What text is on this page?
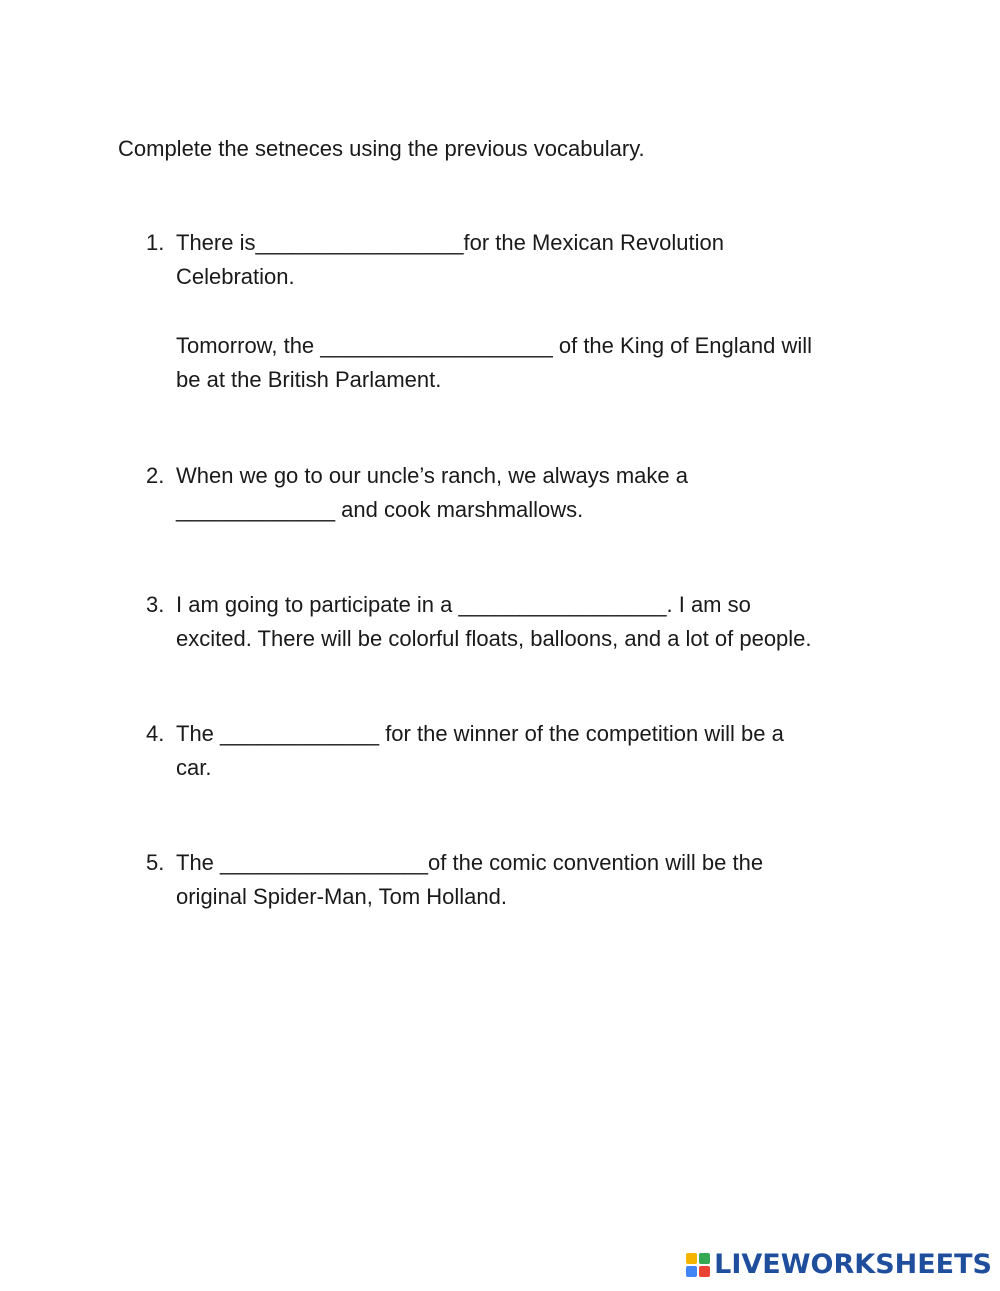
Complete the setneces using the previous vocabulary.
1. There is_________________for the Mexican Revolution
Celebration.
Tomorrow, the ___________________ of the King of England will
be at the British Parlament.
2. When we go to our uncle’s ranch, we always make a
_____________ and cook marshmallows.
3. I am going to participate in a _________________. I am so
excited. There will be colorful floats, balloons, and a lot of people.
4. The _____________ for the winner of the competition will be a
car.
5. The _________________of the comic convention will be the
original Spider-Man, Tom Holland.
LIVEWORKSHEETS
